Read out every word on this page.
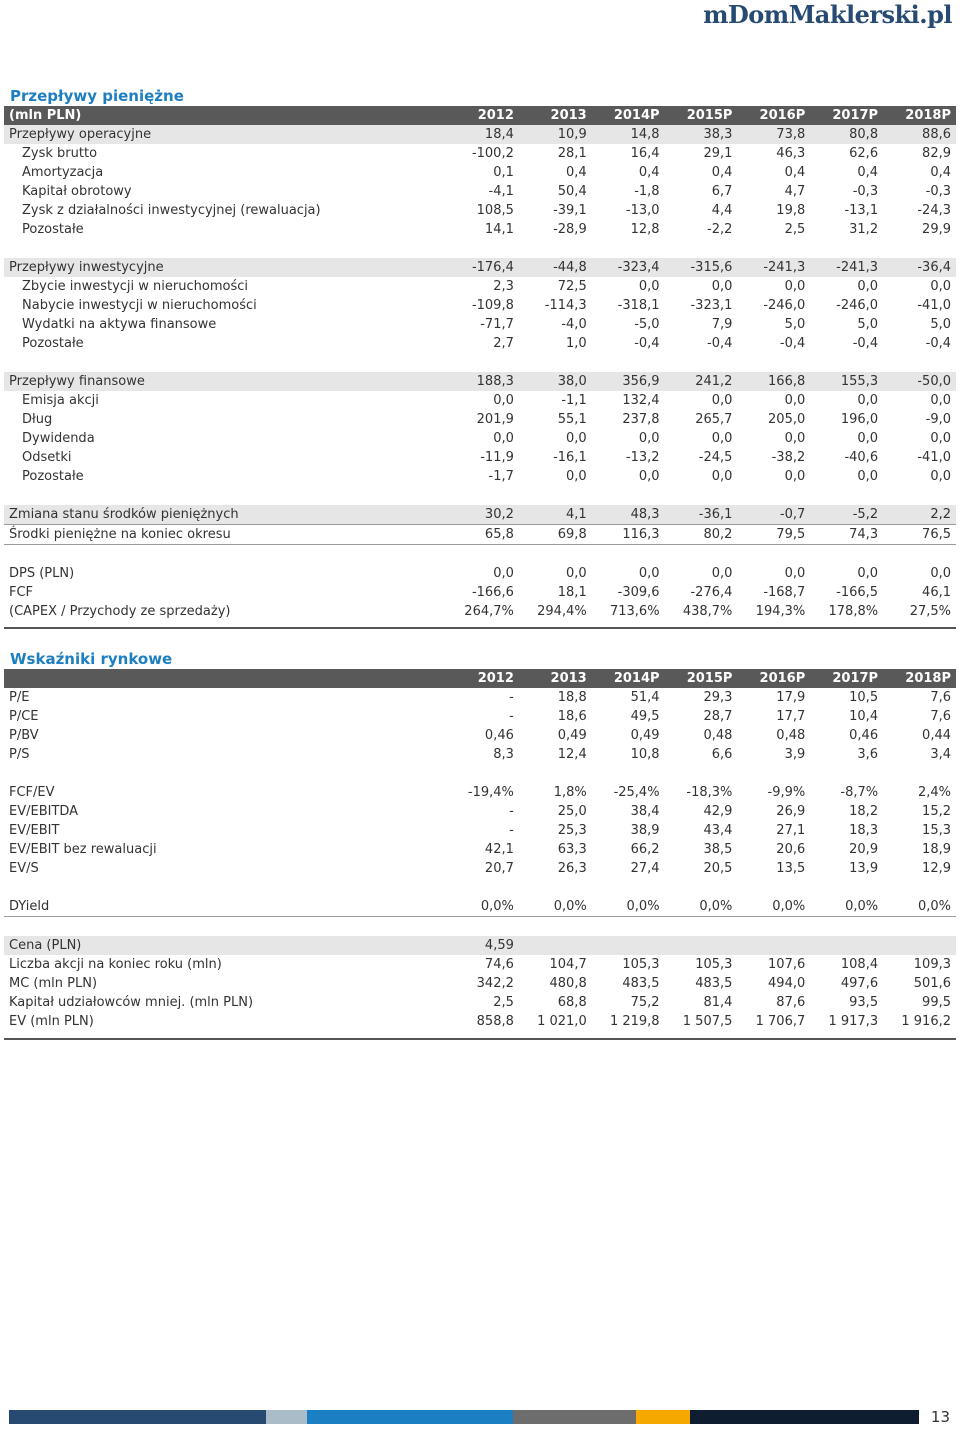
mDomMaklerski.pl
Przepływy pieniężne
(mln PLN)	2012	2013	2014P	2015P	2016P	2017P	2018P
Przepływy operacyjne	18,4	10,9	14,8	38,3	73,8	80,8	88,6
Zysk brutto	-100,2	28,1	16,4	29,1	46,3	62,6	82,9
Amortyzacja	0,1	0,4	0,4	0,4	0,4	0,4	0,4
Kapitał obrotowy	-4,1	50,4	-1,8	6,7	4,7	-0,3	-0,3
Zysk z działalności inwestycyjnej (rewaluacja)	108,5	-39,1	-13,0	4,4	19,8	-13,1	-24,3
Pozostałe	14,1	-28,9	12,8	-2,2	2,5	31,2	29,9

Przepływy inwestycyjne	-176,4	-44,8	-323,4	-315,6	-241,3	-241,3	-36,4
Zbycie inwestycji w nieruchomości	2,3	72,5	0,0	0,0	0,0	0,0	0,0
Nabycie inwestycji w nieruchomości	-109,8	-114,3	-318,1	-323,1	-246,0	-246,0	-41,0
Wydatki na aktywa finansowe	-71,7	-4,0	-5,0	7,9	5,0	5,0	5,0
Pozostałe	2,7	1,0	-0,4	-0,4	-0,4	-0,4	-0,4

Przepływy finansowe	188,3	38,0	356,9	241,2	166,8	155,3	-50,0
Emisja akcji	0,0	-1,1	132,4	0,0	0,0	0,0	0,0
Dług	201,9	55,1	237,8	265,7	205,0	196,0	-9,0
Dywidenda	0,0	0,0	0,0	0,0	0,0	0,0	0,0
Odsetki	-11,9	-16,1	-13,2	-24,5	-38,2	-40,6	-41,0
Pozostałe	-1,7	0,0	0,0	0,0	0,0	0,0	0,0

Zmiana stanu środków pieniężnych	30,2	4,1	48,3	-36,1	-0,7	-5,2	2,2
Środki pieniężne na koniec okresu	65,8	69,8	116,3	80,2	79,5	74,3	76,5

DPS (PLN)	0,0	0,0	0,0	0,0	0,0	0,0	0,0
FCF	-166,6	18,1	-309,6	-276,4	-168,7	-166,5	46,1
(CAPEX / Przychody ze sprzedaży)	264,7%	294,4%	713,6%	438,7%	194,3%	178,8%	27,5%
Wskaźniki rynkowe
	2012	2013	2014P	2015P	2016P	2017P	2018P
P/E	-	18,8	51,4	29,3	17,9	10,5	7,6
P/CE	-	18,6	49,5	28,7	17,7	10,4	7,6
P/BV	0,46	0,49	0,49	0,48	0,48	0,46	0,44
P/S	8,3	12,4	10,8	6,6	3,9	3,6	3,4

FCF/EV	-19,4%	1,8%	-25,4%	-18,3%	-9,9%	-8,7%	2,4%
EV/EBITDA	-	25,0	38,4	42,9	26,9	18,2	15,2
EV/EBIT	-	25,3	38,9	43,4	27,1	18,3	15,3
EV/EBIT bez rewaluacji	42,1	63,3	66,2	38,5	20,6	20,9	18,9
EV/S	20,7	26,3	27,4	20,5	13,5	13,9	12,9

DYield	0,0%	0,0%	0,0%	0,0%	0,0%	0,0%	0,0%

Cena (PLN)	4,59						
Liczba akcji na koniec roku (mln)	74,6	104,7	105,3	105,3	107,6	108,4	109,3
MC (mln PLN)	342,2	480,8	483,5	483,5	494,0	497,6	501,6
Kapitał udziałowców mniej. (mln PLN)	2,5	68,8	75,2	81,4	87,6	93,5	99,5
EV (mln PLN)	858,8	1 021,0	1 219,8	1 507,5	1 706,7	1 917,3	1 916,2
13
